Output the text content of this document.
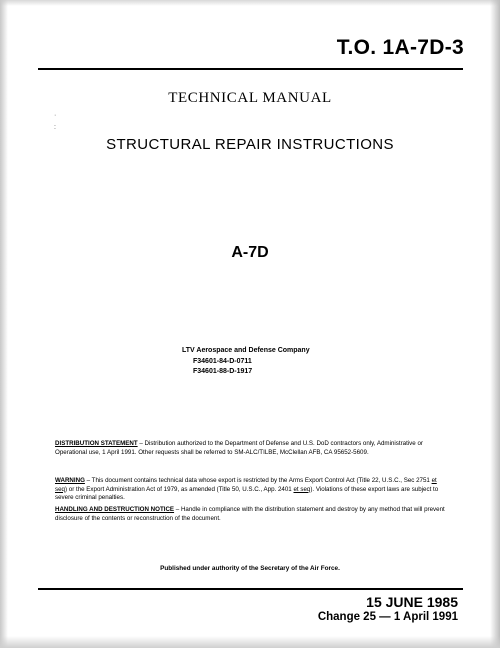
T.O. 1A-7D-3
·
:
TECHNICAL MANUAL
STRUCTURAL REPAIR INSTRUCTIONS
A-7D
LTV Aerospace and Defense Company
F34601-84-D-0711
F34601-88-D-1917
DISTRIBUTION STATEMENT – Distribution authorized to the Department of Defense and U.S. DoD contractors only, Administrative or Operational use, 1 April 1991. Other requests shall be referred to SM-ALC/TILBE, McClellan AFB, CA 95652-5609.
WARNING – This document contains technical data whose export is restricted by the Arms Export Control Act (Title 22, U.S.C., Sec 2751 et seq) or the Export Administration Act of 1979, as amended (Title 50, U.S.C., App. 2401 et seq). Violations of these export laws are subject to severe criminal penalties.
HANDLING AND DESTRUCTION NOTICE – Handle in compliance with the distribution statement and destroy by any method that will prevent disclosure of the contents or reconstruction of the document.
Published under authority of the Secretary of the Air Force.
15 JUNE 1985
Change 25 — 1 April 1991
